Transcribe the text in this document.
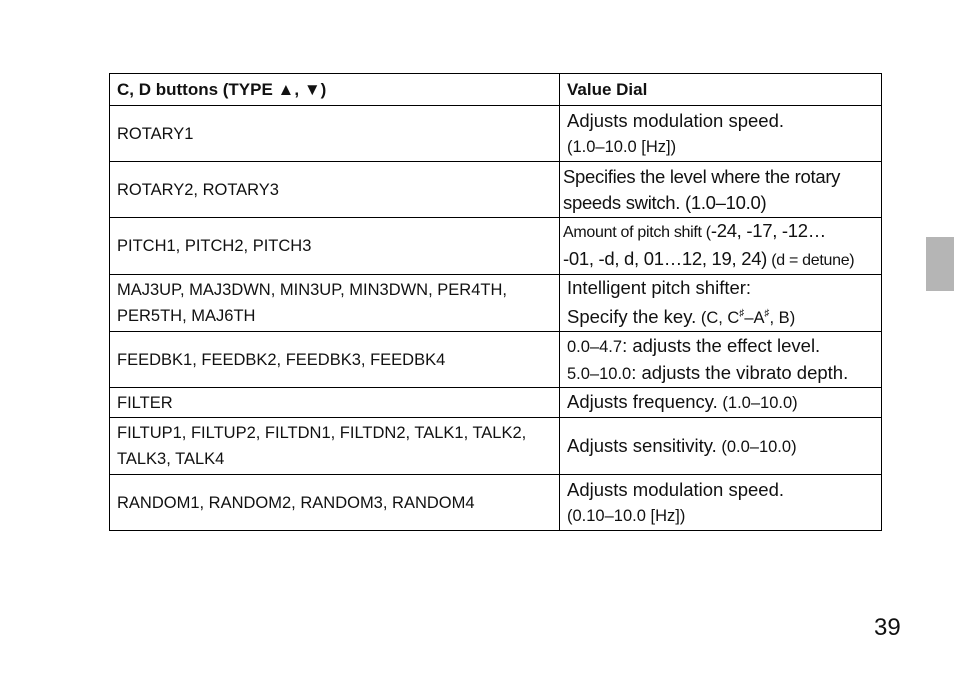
C, D buttons (TYPE ▲, ▼)	Value Dial
ROTARY1	Adjusts modulation speed.
(1.0–10.0 [Hz])

ROTARY2, ROTARY3	Specifies the level where the rotary speeds switch. (1.0–10.0)
PITCH1, PITCH2, PITCH3	Amount of pitch shift (-24, -17, -12…
-01, -d, d, 01…12, 19, 24) (d = detune)

MAJ3UP, MAJ3DWN, MIN3UP, MIN3DWN, PER4TH, PER5TH, MAJ6TH	Intelligent pitch shifter:
Specify the key. (C, C♯–A♯, B)

FEEDBK1, FEEDBK2, FEEDBK3, FEEDBK4	0.0–4.7: adjusts the effect level.
5.0–10.0: adjusts the vibrato depth.

FILTER	Adjusts frequency. (1.0–10.0)
FILTUP1, FILTUP2, FILTDN1, FILTDN2, TALK1, TALK2, TALK3, TALK4	Adjusts sensitivity. (0.0–10.0)
RANDOM1, RANDOM2, RANDOM3, RANDOM4	Adjusts modulation speed.
(0.10–10.0 [Hz])
39
